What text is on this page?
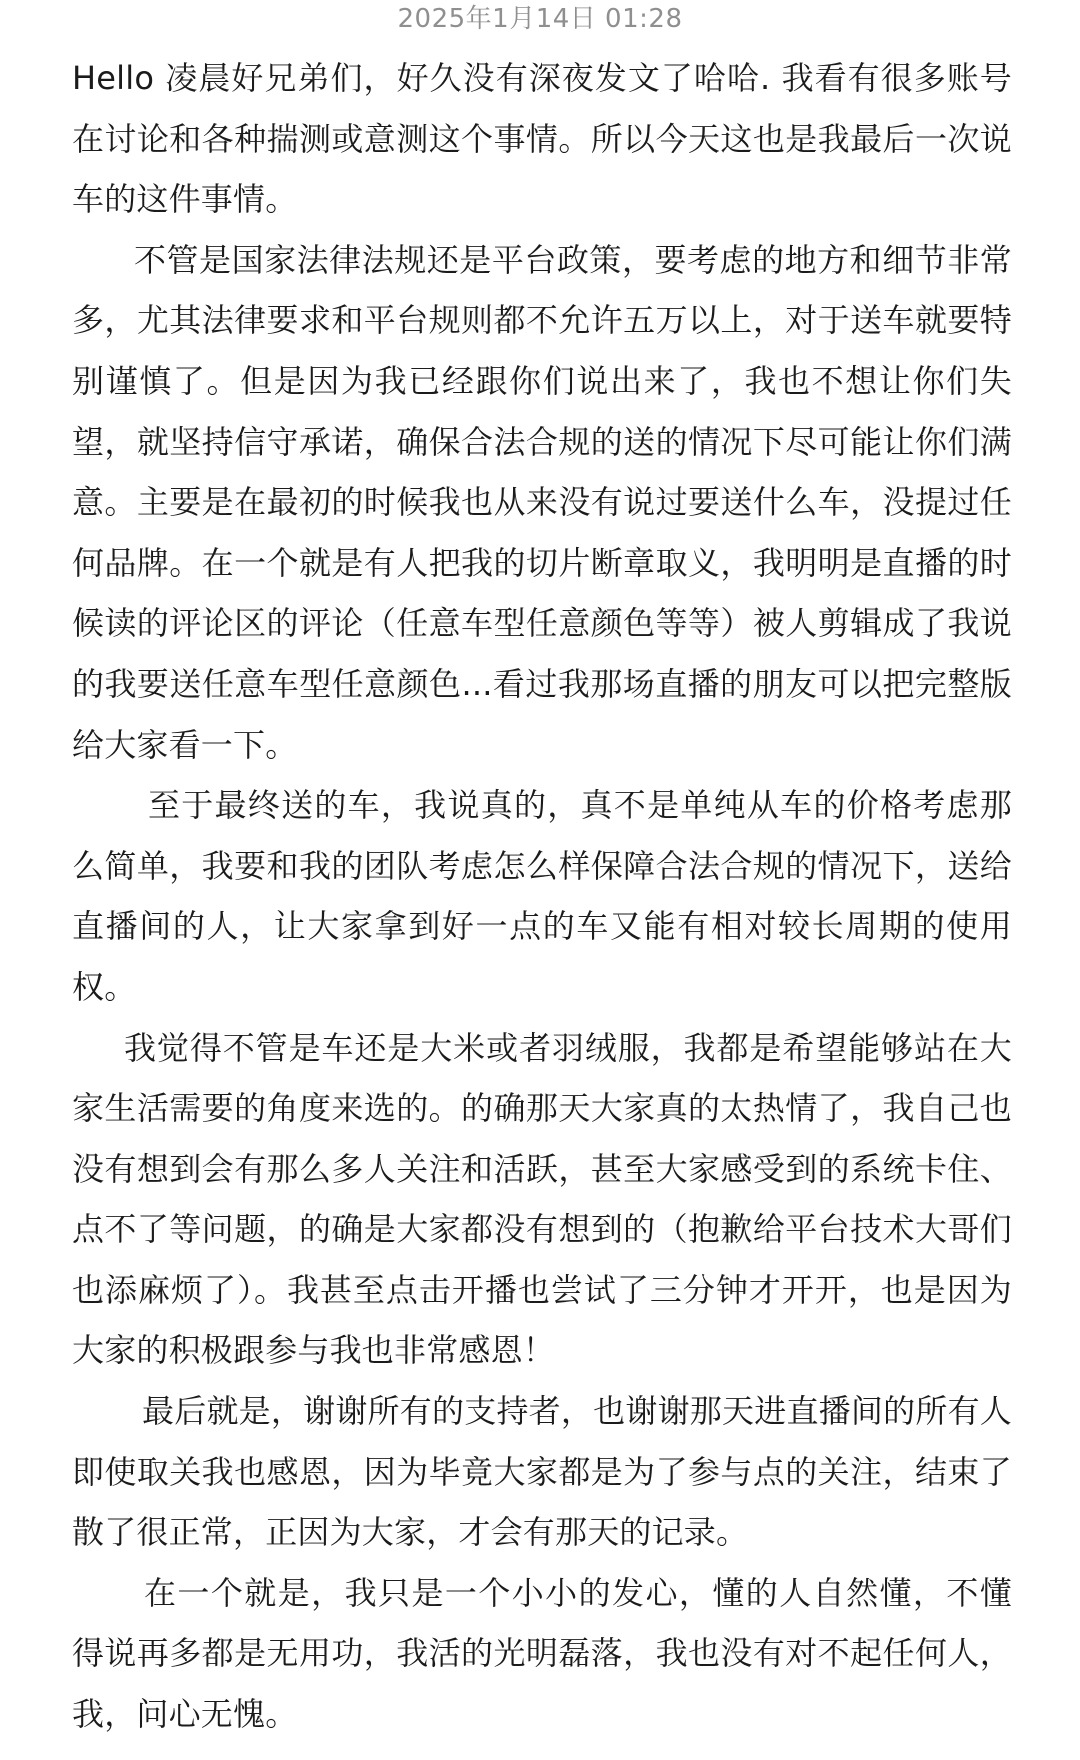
2025年1月14日 01:28

Hello 凌晨好兄弟们，好久没有深夜发文了哈哈. 我看有很多账号在讨论和各种揣测或意测这个事情。所以今天这也是我最后一次说车的这件事情。

不管是国家法律法规还是平台政策，要考虑的地方和细节非常多，尤其法律要求和平台规则都不允许五万以上，对于送车就要特别谨慎了。但是因为我已经跟你们说出来了，我也不想让你们失望，就坚持信守承诺，确保合法合规的送的情况下尽可能让你们满意。主要是在最初的时候我也从来没有说过要送什么车，没提过任何品牌。在一个就是有人把我的切片断章取义，我明明是直播的时候读的评论区的评论（任意车型任意颜色等等）被人剪辑成了我说的我要送任意车型任意颜色...看过我那场直播的朋友可以把完整版给大家看一下。

至于最终送的车，我说真的，真不是单纯从车的价格考虑那么简单，我要和我的团队考虑怎么样保障合法合规的情况下，送给直播间的人，让大家拿到好一点的车又能有相对较长周期的使用权。

我觉得不管是车还是大米或者羽绒服，我都是希望能够站在大家生活需要的角度来选的。的确那天大家真的太热情了，我自己也没有想到会有那么多人关注和活跃，甚至大家感受到的系统卡住、点不了等问题，的确是大家都没有想到的（抱歉给平台技术大哥们也添麻烦了）。我甚至点击开播也尝试了三分钟才开开，也是因为大家的积极跟参与我也非常感恩！

最后就是，谢谢所有的支持者，也谢谢那天进直播间的所有人即使取关我也感恩，因为毕竟大家都是为了参与点的关注，结束了散了很正常，正因为大家，才会有那天的记录。

在一个就是，我只是一个小小的发心，懂的人自然懂，不懂得说再多都是无用功，我活的光明磊落，我也没有对不起任何人，我，问心无愧。
